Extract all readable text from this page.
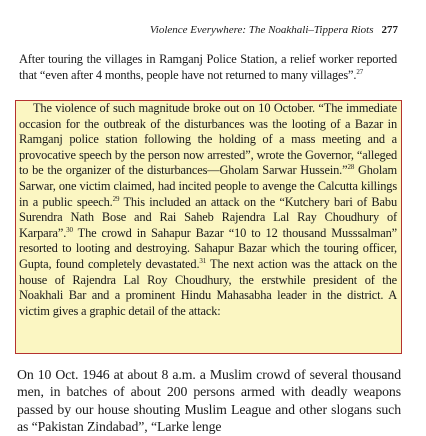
Violence Everywhere: The Noakhali–Tippera Riots 277

After touring the villages in Ramganj Police Station, a relief worker reported that “even after 4 months, people have not returned to many villages”.$^{27}$

The violence of such magnitude broke out on 10 October. “The immediate occasion for the outbreak of the disturbances was the looting of a Bazar in Ramganj police station following the holding of a mass meeting and a provocative speech by the person now arrested”, wrote the Governor, “alleged to be the organizer of the disturbances—Gholam Sarwar Hussein.”$^{28}$ Gholam Sarwar, one victim claimed, had incited people to avenge the Calcutta killings in a public speech.$^{29}$ This included an attack on the “Kutchery bari of Babu Surendra Nath Bose and Rai Saheb Rajendra Lal Ray Choudhury of Karpara”.$^{30}$ The crowd in Sahapur Bazar “10 to 12 thousand Musssalman” resorted to looting and destroying. Sahapur Bazar which the touring officer, Gupta, found completely devastated.$^{31}$ The next action was the attack on the house of Rajendra Lal Roy Choudhury, the erstwhile president of the Noakhali Bar and a prominent Hindu Mahasabha leader in the district. A victim gives a graphic detail of the attack:

On 10 Oct. 1946 at about 8 a.m. a Muslim crowd of several thousand men, in batches of about 200 persons armed with deadly weapons passed by our house shouting Muslim League and other slogans such as “Pakistan Zindabad”, “Larke lenge
